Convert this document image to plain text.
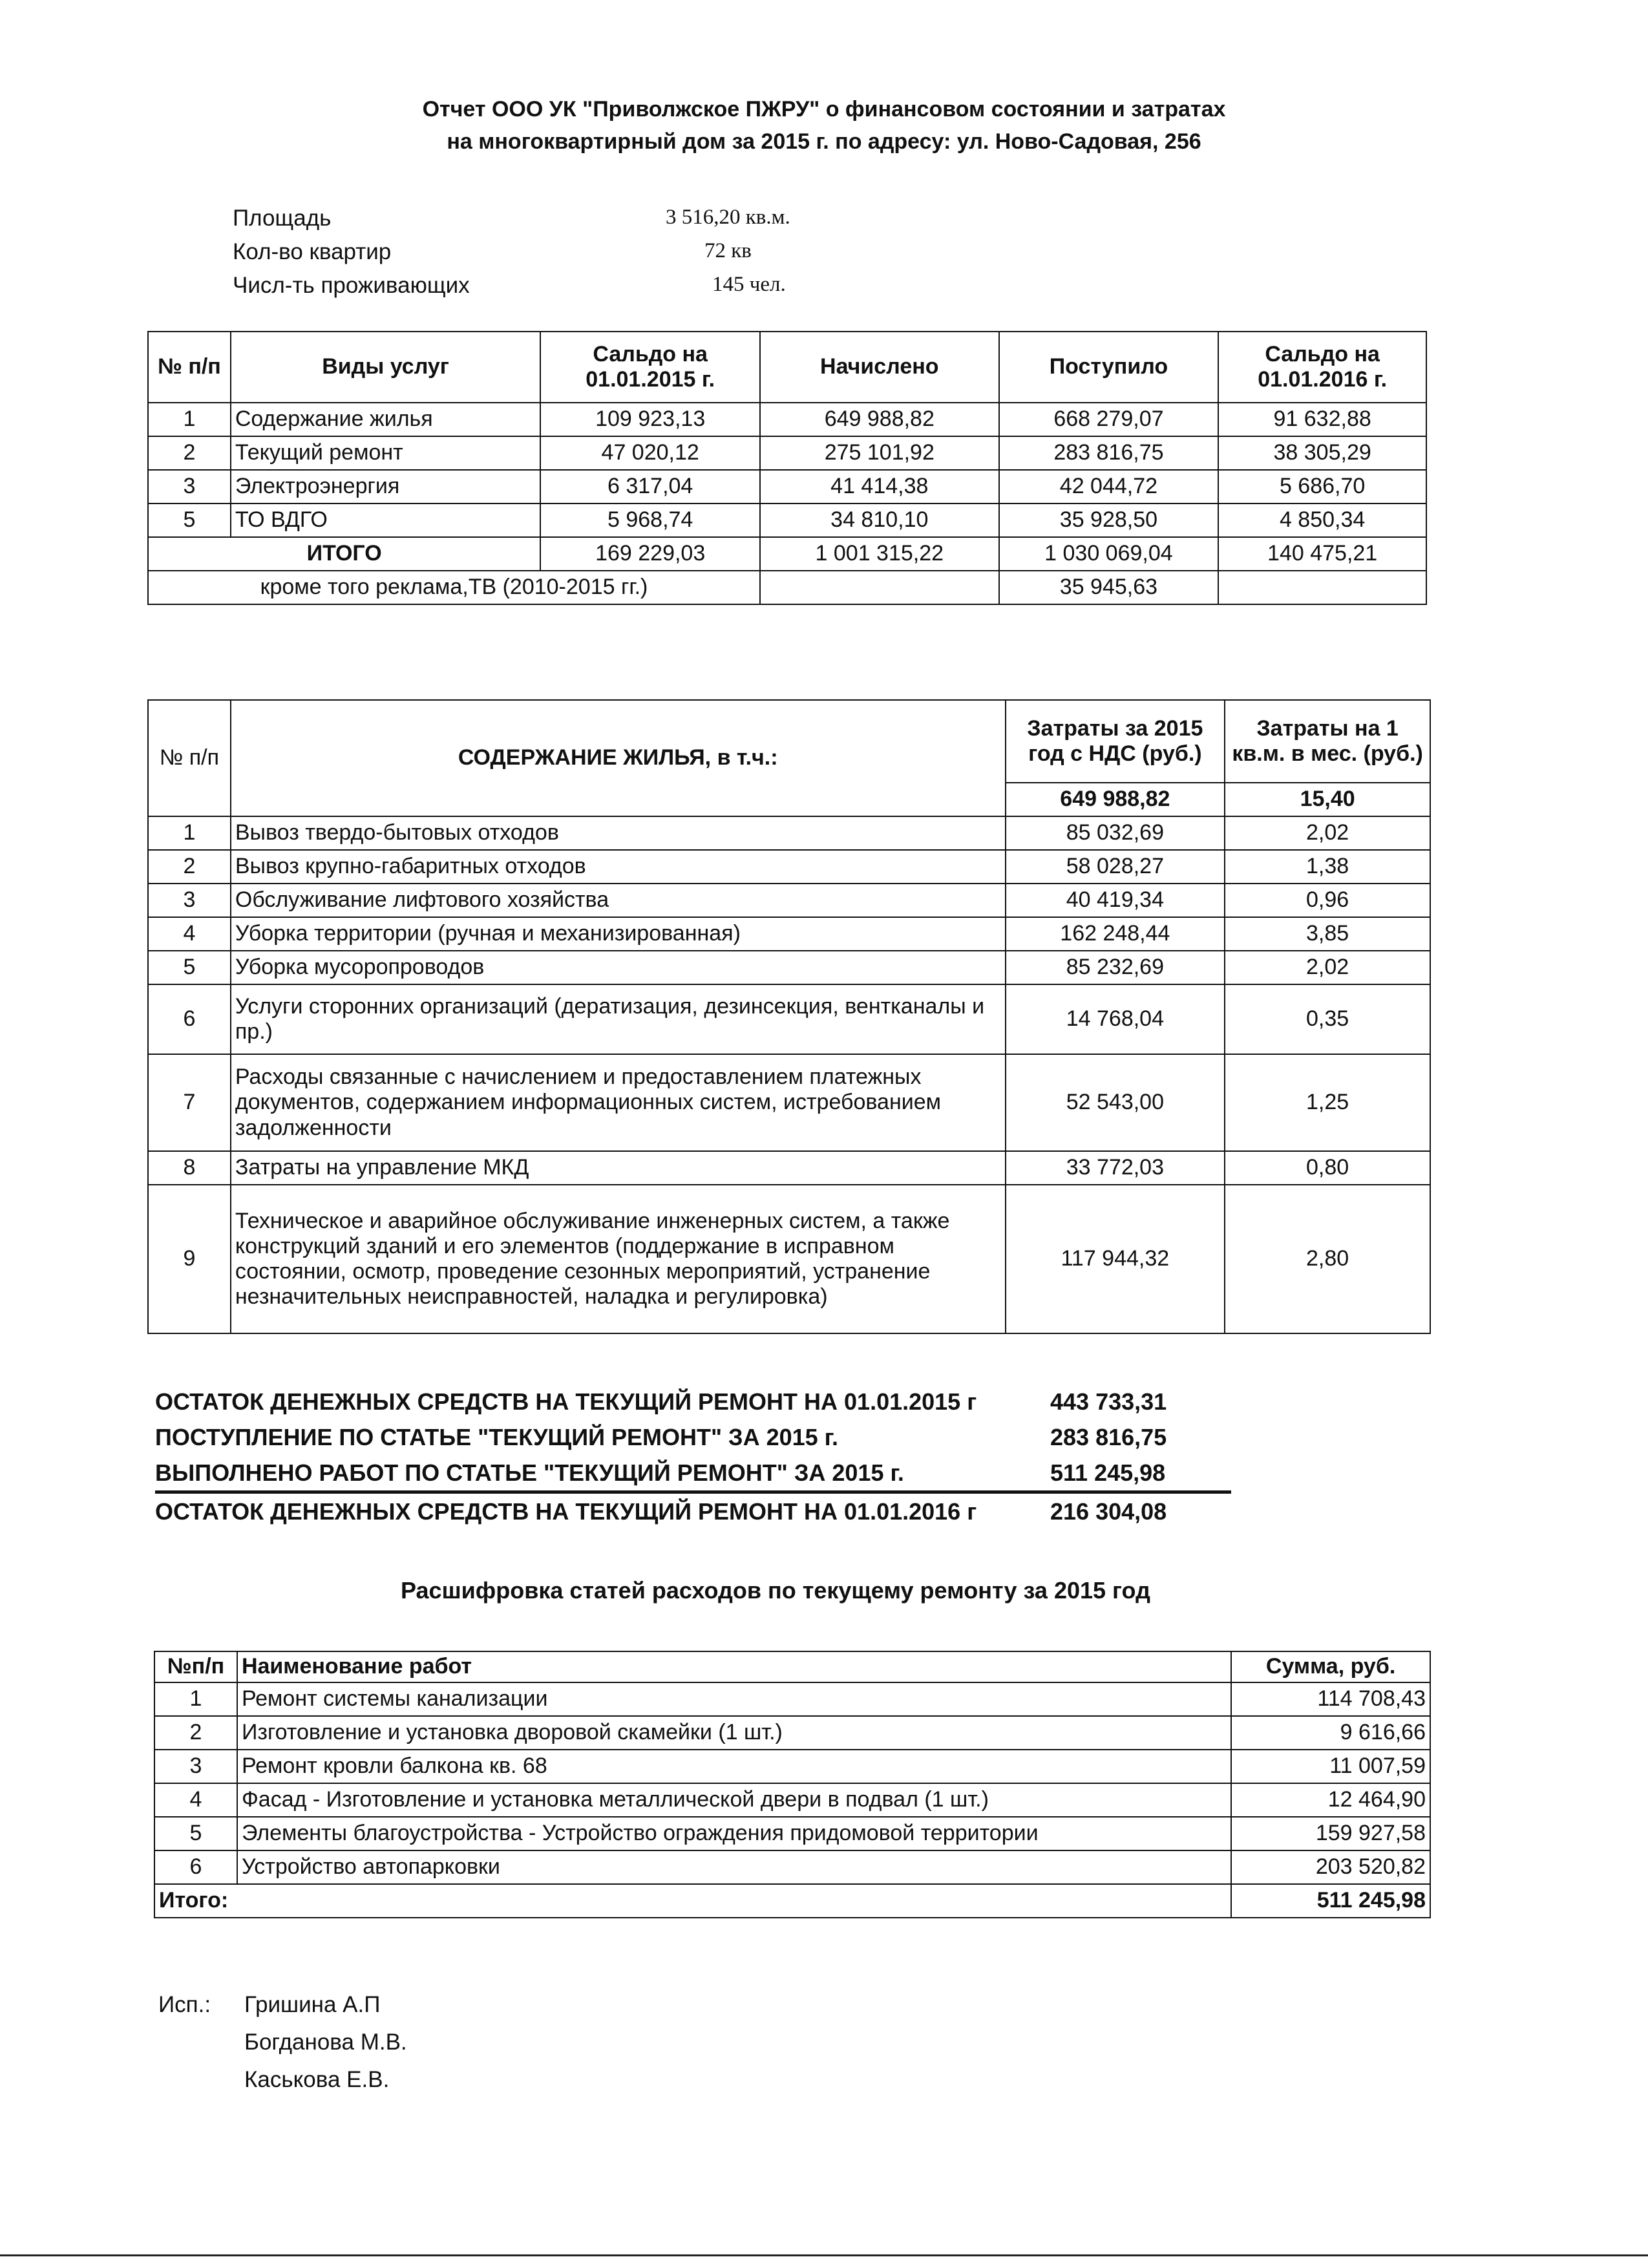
Отчет ООО УК "Приволжское ПЖРУ" о финансовом состоянии и затратах
на многоквартирный дом за 2015 г. по адресу: ул. Ново-Садовая, 256
Площадь	3 516,20 кв.м.
Кол-во квартир	72 кв
Числ-ть проживающих	145 чел.
№ п/п	Виды услуг	Сальдо на 01.01.2015 г.	Начислено	Поступило	Сальдо на 01.01.2016 г.
1	Содержание жилья	109 923,13	649 988,82	668 279,07	91 632,88
2	Текущий ремонт	47 020,12	275 101,92	283 816,75	38 305,29
3	Электроэнергия	6 317,04	41 414,38	42 044,72	5 686,70
5	ТО ВДГО	5 968,74	34 810,10	35 928,50	4 850,34
ИТОГО		169 229,03	1 001 315,22	1 030 069,04	140 475,21
кроме того реклама,ТВ (2010-2015 гг.)				35 945,63	
№ п/п	СОДЕРЖАНИЕ ЖИЛЬЯ, в т.ч.:	Затраты за 2015 год с НДС (руб.)	Затраты на 1 кв.м. в мес. (руб.)
		649 988,82	15,40
1	Вывоз твердо-бытовых отходов	85 032,69	2,02
2	Вывоз крупно-габаритных отходов	58 028,27	1,38
3	Обслуживание лифтового хозяйства	40 419,34	0,96
4	Уборка территории (ручная и механизированная)	162 248,44	3,85
5	Уборка мусоропроводов	85 232,69	2,02
6	Услуги сторонних организаций (дератизация, дезинсекция, вентканалы и пр.)	14 768,04	0,35
7	Расходы связанные с начислением и предоставлением платежных документов, содержанием информационных систем, истребованием задолженности	52 543,00	1,25
8	Затраты на управление МКД	33 772,03	0,80
9	Техническое и аварийное обслуживание инженерных систем, а также конструкций зданий и его элементов (поддержание в исправном состоянии, осмотр, проведение сезонных мероприятий, устранение незначительных неисправностей, наладка и регулировка)	117 944,32	2,80
ОСТАТОК ДЕНЕЖНЫХ СРЕДСТВ НА ТЕКУЩИЙ РЕМОНТ НА 01.01.2015 г	443 733,31
ПОСТУПЛЕНИЕ ПО СТАТЬЕ "ТЕКУЩИЙ РЕМОНТ" ЗА 2015 г.	283 816,75
ВЫПОЛНЕНО РАБОТ ПО СТАТЬЕ "ТЕКУЩИЙ РЕМОНТ" ЗА 2015 г.	511 245,98
ОСТАТОК ДЕНЕЖНЫХ СРЕДСТВ НА ТЕКУЩИЙ РЕМОНТ НА 01.01.2016 г	216 304,08
Расшифровка статей расходов по текущему ремонту за 2015 год
№п/п	Наименование работ	Сумма, руб.
1	Ремонт системы канализации	114 708,43
2	Изготовление и установка дворовой скамейки (1 шт.)	9 616,66
3	Ремонт кровли балкона кв. 68	11 007,59
4	Фасад - Изготовление и установка металлической двери в подвал (1 шт.)	12 464,90
5	Элементы благоустройства - Устройство ограждения придомовой территории	159 927,58
6	Устройство автопарковки	203 520,82
Итого:		511 245,98
Исп.: Гришина А.П
Богданова М.В.
Каськова Е.В.
